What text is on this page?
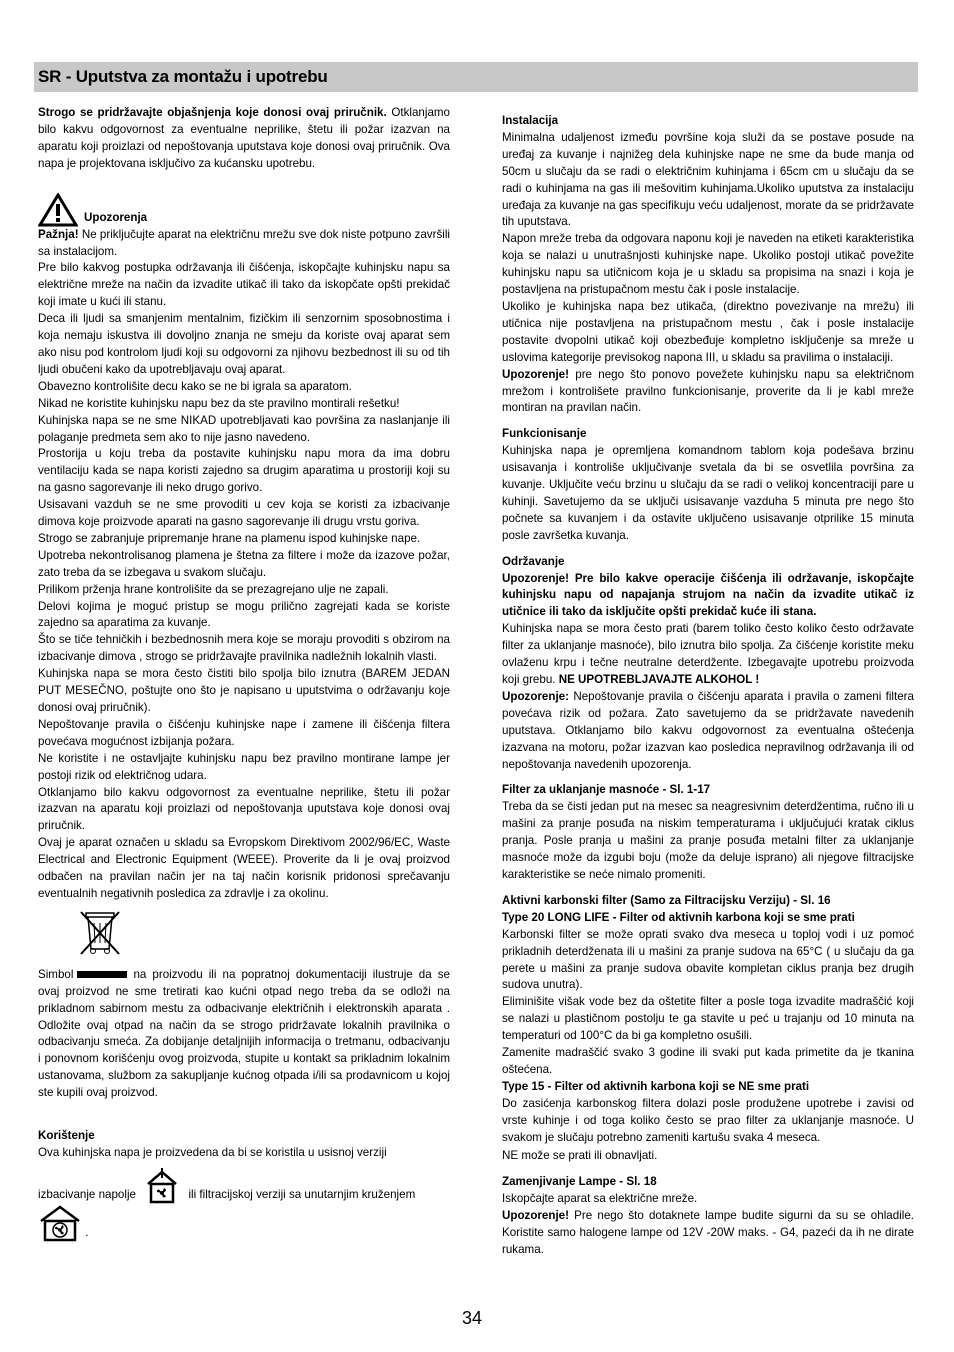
SR - Uputstva za montažu i upotrebu

Strogo se pridržavajte objašnjenja koje donosi ovaj priručnik. Otklanjamo bilo kakvu odgovornost za eventualne neprilike, štetu ili požar izazvan na aparatu koji proizlazi od nepoštovanja uputstava koje donosi ovaj priručnik. Ova napa je projektovana isključivo za kućansku upotrebu.

Upozorenja

Pažnja! Ne priključujte aparat na električnu mrežu sve dok niste potpuno završili sa instalacijom.

Pre bilo kakvog postupka održavanja ili čišćenja, iskopčajte kuhinjsku napu sa električne mreže na način da izvadite utikač ili tako da iskopčate opšti prekidač koji imate u kući ili stanu.

Deca ili ljudi sa smanjenim mentalnim, fizičkim ili senzornim sposobnostima i koja nemaju iskustva ili dovoljno znanja ne smeju da koriste ovaj aparat sem ako nisu pod kontrolom ljudi koji su odgovorni za njihovu bezbednost ili su od tih ljudi obučeni kako da upotrebljavaju ovaj aparat.

Obavezno kontrolišite decu kako se ne bi igrala sa aparatom.

Nikad ne koristite kuhinjsku napu bez da ste pravilno montirali rešetku!

Kuhinjska napa se ne sme NIKAD upotrebljavati kao površina za naslanjanje ili polaganje predmeta sem ako to nije jasno navedeno.

Prostorija u koju treba da postavite kuhinjsku napu mora da ima dobru ventilaciju kada se napa koristi zajedno sa drugim aparatima u prostoriji koji su na gasno sagorevanje ili neko drugo gorivo.

Usisavani vazduh se ne sme provoditi u cev koja se koristi za izbacivanje dimova koje proizvode aparati na gasno sagorevanje ili drugu vrstu goriva.

Strogo se zabranjuje pripremanje hrane na plamenu ispod kuhinjske nape.

Upotreba nekontrolisanog plamena je štetna za filtere i može da izazove požar, zato treba da se izbegava u svakom slučaju.

Prilikom prženja hrane kontrolišite da se prezagrejano ulje ne zapali.

Delovi kojima je moguć pristup se mogu prilično zagrejati kada se koriste zajedno sa aparatima za kuvanje.

Što se tiče tehničkih i bezbednosnih mera koje se moraju provoditi s obzirom na izbacivanje dimova , strogo se pridržavajte pravilnika nadležnih lokalnih vlasti.

Kuhinjska napa se mora često čistiti bilo spolja bilo iznutra (BAREM JEDAN PUT MESEČNO, poštujte ono što je napisano u uputstvima o održavanju koje donosi ovaj priručnik).

Nepoštovanje pravila o čišćenju kuhinjske nape i zamene ili čišćenja filtera povećava mogućnost izbijanja požara.

Ne koristite i ne ostavljajte kuhinjsku napu bez pravilno montirane lampe jer postoji rizik od električnog udara.

Otklanjamo bilo kakvu odgovornost za eventualne neprilike, štetu ili požar izazvan na aparatu koji proizlazi od nepoštovanja uputstava koje donosi ovaj priručnik.

Ovaj je aparat označen u skladu sa Evropskom Direktivom 2002/96/EC, Waste Electrical and Electronic Equipment (WEEE). Proverite da li je ovaj proizvod odbačen na pravilan način jer na taj način korisnik pridonosi sprečavanju eventualnih negativnih posledica za zdravlje i za okolinu.

Simbol	na proizvodu ili na popratnoj dokumentaciji ilustruje da se ovaj proizvod ne sme tretirati kao kućni otpad nego treba da se odloži na prikladnom sabirnom mestu za odbacivanje električnih i elektronskih aparata . Odložite ovaj otpad na način da se strogo pridržavate lokalnih pravilnika o odbacivanju smeća. Za dobijanje detaljnijih informacija o tretmanu, odbacivanju i ponovnom korišćenju ovog proizvoda, stupite u kontakt sa prikladnim lokalnim ustanovama, službom za sakupljanje kućnog otpada i/ili sa prodavnicom u kojoj ste kupili ovaj proizvod.

Korištenje

Ova kuhinjska napa je proizvedena da bi se koristila u usisnoj verziji

izbacivanje napolje	ili filtracijskoj verziji sa unutarnjim kruženjem

.

Instalacija

Minimalna udaljenost između površine koja služi da se postave posude na uređaj za kuvanje i najnižeg dela kuhinjske nape ne sme da bude manja od 50cm u slučaju da se radi o električnim kuhinjama i 65cm cm u slučaju da se radi o kuhinjama na gas ili mešovitim kuhinjama.Ukoliko uputstva za instalaciju uređaja za kuvanje na gas specifikuju veću udaljenost, morate da se pridržavate tih uputstava.

Napon mreže treba da odgovara naponu koji je naveden na etiketi karakteristika koja se nalazi u unutrašnjosti kuhinjske nape. Ukoliko postoji utikač povežite kuhinjsku napu sa utičnicom koja je u skladu sa propisima na snazi i koja je postavljena na pristupačnom mestu čak i posle instalacije.

Ukoliko je kuhinjska napa bez utikača, (direktno povezivanje na mrežu) ili utičnica nije postavljena na pristupačnom mestu , čak i posle instalacije postavite dvopolni utikač koji obezbeđuje kompletno isključenje sa mreže u uslovima kategorije previsokog napona III, u skladu sa pravilima o instalaciji.

Upozorenje! pre nego što ponovo povežete kuhinjsku napu sa električnom mrežom i kontrolišete pravilno funkcionisanje, proverite da li je kabl mreže montiran na pravilan način.

Funkcionisanje

Kuhinjska napa je opremljena komandnom tablom koja podešava brzinu usisavanja i kontroliše uključivanje svetala da bi se osvetlila površina za kuvanje. Uključite veću brzinu u slučaju da se radi o velikoj koncentraciji pare u kuhinji. Savetujemo da se uključi usisavanje vazduha 5 minuta pre nego što počnete sa kuvanjem i da ostavite uključeno usisavanje otprilike 15 minuta posle završetka kuvanja.

Održavanje

Upozorenje! Pre bilo kakve operacije čišćenja ili održavanje, iskopčajte kuhinjsku napu od napajanja strujom na način da izvadite utikač iz utičnice ili tako da isključite opšti prekidač kuće ili stana.

Kuhinjska napa se mora često prati (barem toliko često koliko često održavate filter za uklanjanje masnoće), bilo iznutra bilo spolja. Za čišćenje koristite meku ovlaženu krpu i tečne neutralne deterdžente. Izbegavajte upotrebu proizvoda koji grebu. NE UPOTREBLJAVAJTE ALKOHOL !

Upozorenje: Nepoštovanje pravila o čišćenju aparata i pravila o zameni filtera povećava rizik od požara. Zato savetujemo da se pridržavate navedenih uputstava. Otklanjamo bilo kakvu odgovornost za eventualna oštećenja izazvana na motoru, požar izazvan kao posledica nepravilnog održavanja ili od nepoštovanja navedenih upozorenja.

Filter za uklanjanje masnoće - Sl. 1-17

Treba da se čisti jedan put na mesec sa neagresivnim deterdžentima, ručno ili u mašini za pranje posuđa na niskim temperaturama i uključujući kratak ciklus pranja. Posle pranja u mašini za pranje posuđa metalni filter za uklanjanje masnoće može da izgubi boju (može da deluje isprano) ali njegove filtracijske karakteristike se neće nimalo promeniti.

Aktivni karbonski filter (Samo za Filtracijsku Verziju) - Sl. 16

Type 20 LONG LIFE - Filter od aktivnih karbona koji se sme prati

Karbonski filter se može oprati svako dva meseca u toploj vodi i uz pomoć prikladnih deterdženata ili u mašini za pranje sudova na 65°C ( u slučaju da ga perete u mašini za pranje sudova obavite kompletan ciklus pranja bez drugih sudova unutra).

Eliminišite višak vode bez da oštetite filter a posle toga izvadite madraščić koji se nalazi u plastičnom postolju te ga stavite u peć u trajanju od 10 minuta na temperaturi od 100°C da bi ga kompletno osušili.

Zamenite madraščić svako 3 godine ili svaki put kada primetite da je tkanina oštećena.

Type 15 - Filter od aktivnih karbona koji se NE sme prati

Do zasićenja karbonskog filtera dolazi posle produžene upotrebe i zavisi od vrste kuhinje i od toga koliko često se prao filter za uklanjanje masnoće. U svakom je slučaju potrebno zameniti kartušu svaka 4 meseca.

NE može se prati ili obnavljati.

Zamenjivanje Lampe - Sl. 18

Iskopčajte aparat sa električne mreže.

Upozorenje! Pre nego što dotaknete lampe budite sigurni da su se ohladile. Koristite samo halogene lampe od 12V -20W maks. - G4, pazeći da ih ne dirate rukama.

34
